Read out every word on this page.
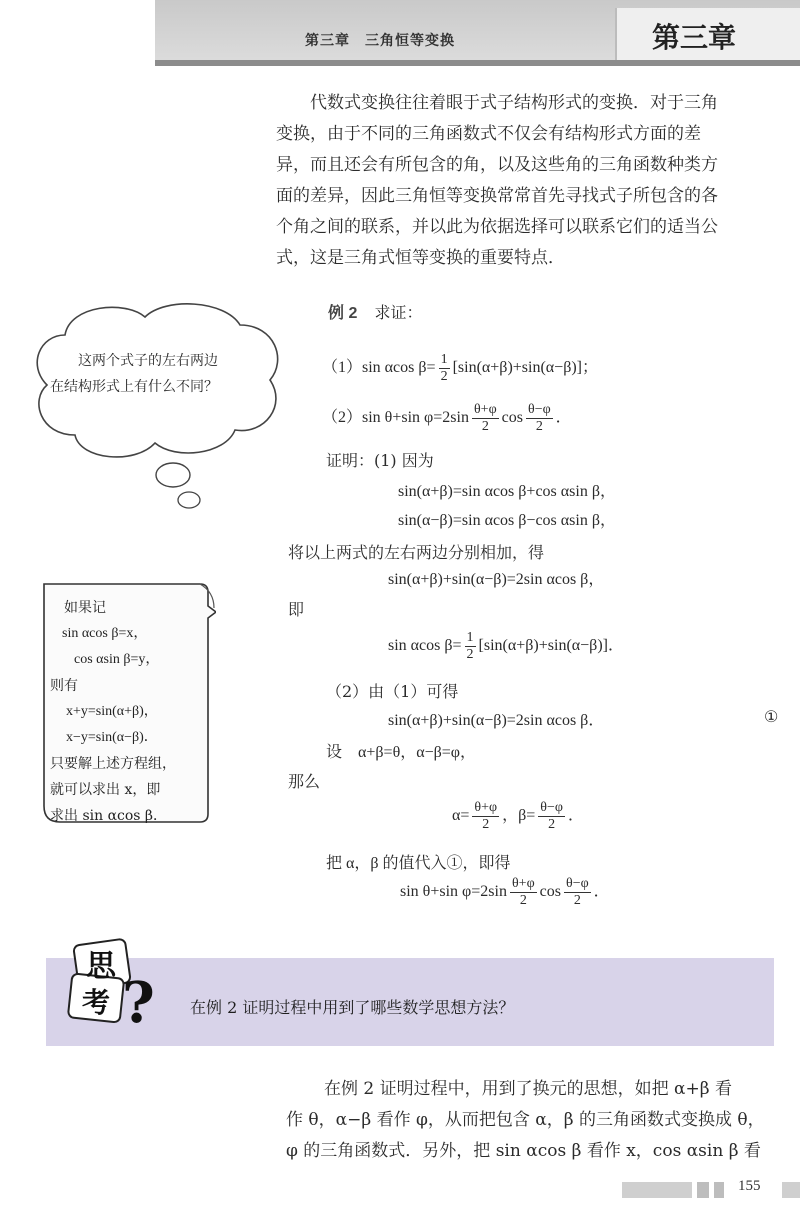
第三章　三角恒等变换	第三章
代数式变换往往着眼于式子结构形式的变换．对于三角
变换，由于不同的三角函数式不仅会有结构形式方面的差
异，而且还会有所包含的角，以及这些角的三角函数种类方
面的差异，因此三角恒等变换常常首先寻找式子所包含的各
个角之间的联系，并以此为依据选择可以联系它们的适当公
式，这是三角式恒等变换的重要特点．
例 2 求证：
（1）sin αcos $\beta= \frac{1}{2} [\sin(\alpha+\beta)+\sin(\alpha-\beta)]$；
（2）sin θ+sin $\varphi=2\sin \frac{\theta+\varphi}{2}$ $\cos \frac{\theta-\varphi}{2}$ ．
证明：(1) 因为
sin(α+β)=sin αcos β+cos αsin β，
sin(α−β)=sin αcos β−cos αsin β，
将以上两式的左右两边分别相加，得
sin(α+β)+sin(α−β)=2sin αcos β，
即
sin αcos $\beta= \frac{1}{2} [\sin(\alpha+\beta)+\sin(\alpha-\beta)]$．
（2）由（1）可得
sin(α+β)+sin(α−β)=2sin αcos β．	①
设　α+β=θ，α−β=φ，
那么
$\alpha= \frac{\theta+\varphi}{2}$ ，$\beta= \frac{\theta-\varphi}{2}$ ．
把 α，β 的值代入①，即得
sin θ+sin $\varphi=2\sin \frac{\theta+\varphi}{2}$ $\cos \frac{\theta-\varphi}{2}$ ．
这两个式子的左右两边在结构形式上有什么不同？
如果记
sin αcos β=x，
cos αsin β=y，
则有
x+y=sin(α+β)，
x−y=sin(α−β)．
只要解上述方程组，
就可以求出 x，即
求出 sin αcos β．
思
考 ? 在例 2 证明过程中用到了哪些数学思想方法？
在例 2 证明过程中，用到了换元的思想，如把 α+β 看
作 θ，α−β 看作 φ，从而把包含 α，β 的三角函数式变换成 θ，
φ 的三角函数式．另外，把 sin αcos β 看作 x，cos αsin β 看
155
